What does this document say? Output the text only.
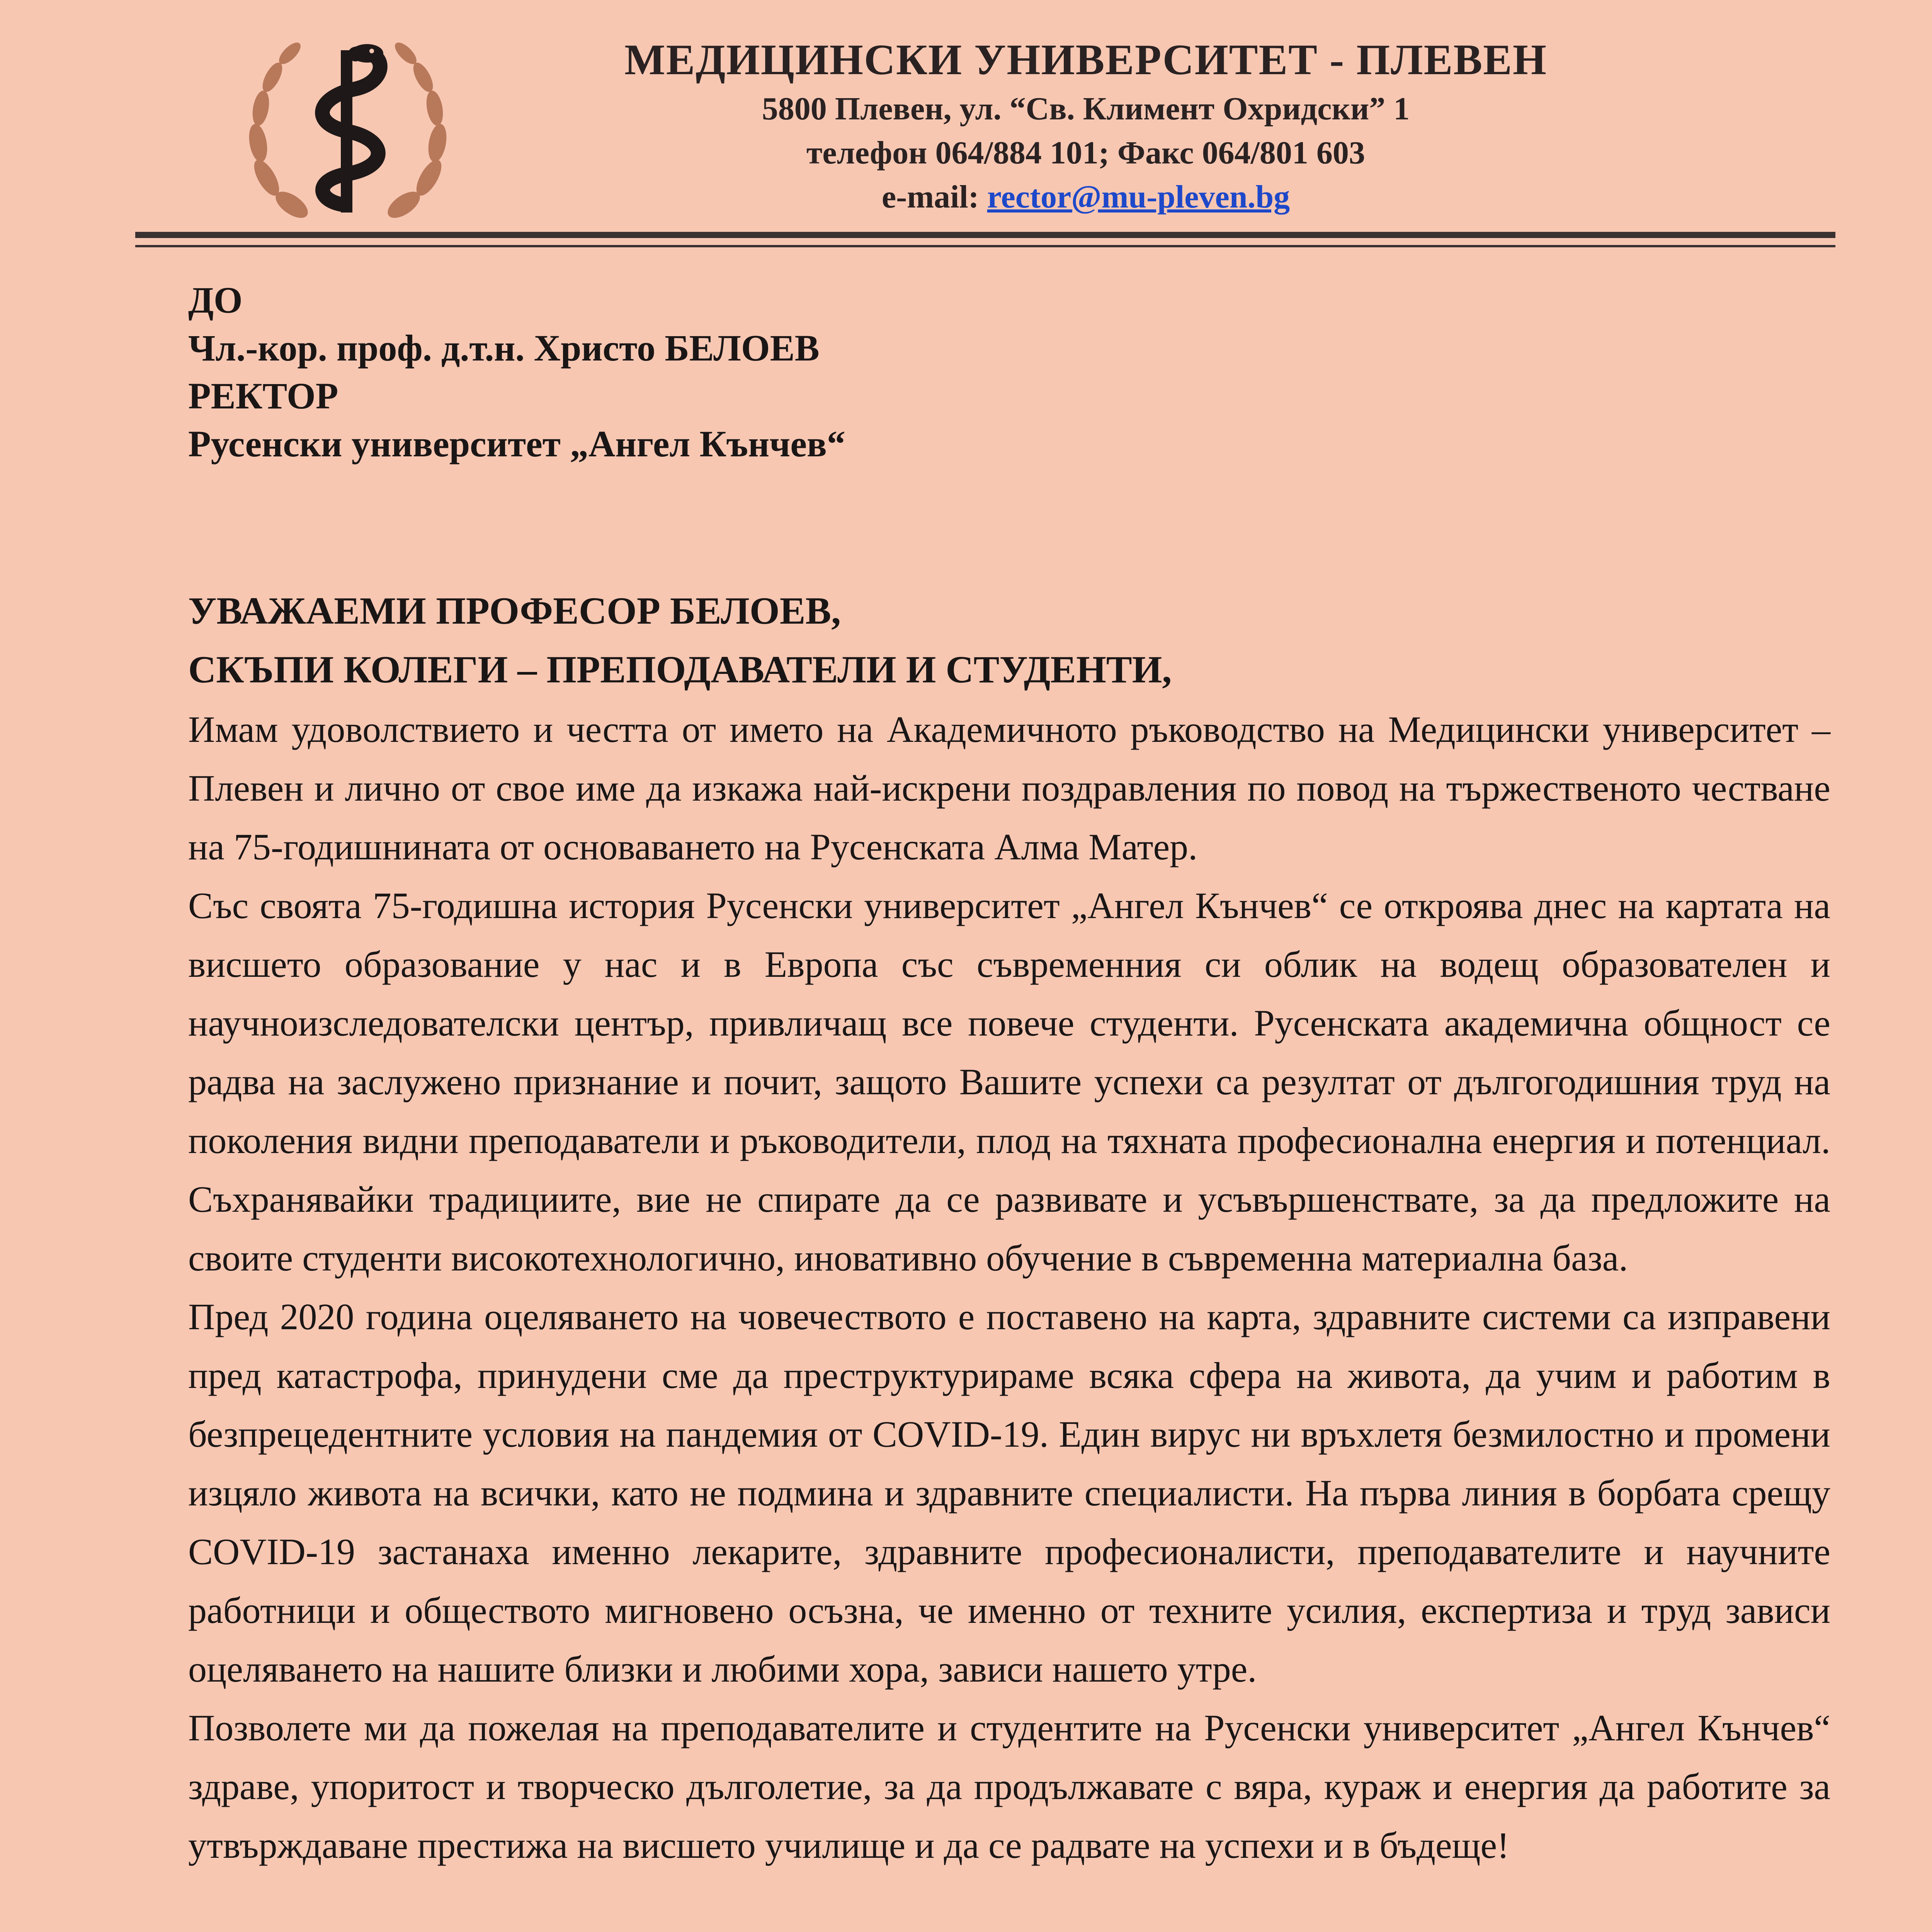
МЕДИЦИНСКИ УНИВЕРСИТЕТ - ПЛЕВЕН
5800 Плевен, ул. “Св. Климент Охридски” 1
телефон 064/884 101; Факс 064/801 603
e-mail: rector@mu-pleven.bg
ДО
Чл.-кор. проф. д.т.н. Христо БЕЛОЕВ
РЕКТОР
Русенски университет „Ангел Кънчев“
УВАЖАЕМИ ПРОФЕСОР БЕЛОЕВ,
СКЪПИ КОЛЕГИ – ПРЕПОДАВАТЕЛИ И СТУДЕНТИ,

Имам удоволствието и честта от името на Академичното ръководство на Медицински университет – Плевен и лично от свое име да изкажа най-искрени поздравления по повод на тържественото честване на 75-годишнината от основаването на Русенската Алма Матер.

Със своята 75-годишна история Русенски университет „Ангел Кънчев“ се откроява днес на картата на висшето образование у нас и в Европа със съвременния си облик на водещ образователен и научноизследователски център, привличащ все повече студенти. Русенската академична общност се радва на заслужено признание и почит, защото Вашите успехи са резултат от дългогодишния труд на поколения видни преподаватели и ръководители, плод на тяхната професионална енергия и потенциал. Съхранявайки традициите, вие не спирате да се развивате и усъвършенствате, за да предложите на своите студенти високотехнологично, иновативно обучение в съвременна материална база.

Пред 2020 година оцеляването на човечеството е поставено на карта, здравните системи са изправени пред катастрофа, принудени сме да преструктурираме всяка сфера на живота, да учим и работим в безпрецедентните условия на пандемия от COVID-19. Един вирус ни връхлетя безмилостно и промени изцяло живота на всички, като не подмина и здравните специалисти. На първа линия в борбата срещу COVID-19 застанаха именно лекарите, здравните професионалисти, преподавателите и научните работници и обществото мигновено осъзна, че именно от техните усилия, експертиза и труд зависи оцеляването на нашите близки и любими хора, зависи нашето утре.

Позволете ми да пожелая на преподавателите и студентите на Русенски университет „Ангел Кънчев“ здраве, упоритост и творческо дълголетие, за да продължавате с вяра, кураж и енергия да работите за утвърждаване престижа на висшето училище и да се радвате на успехи и в бъдеще!
